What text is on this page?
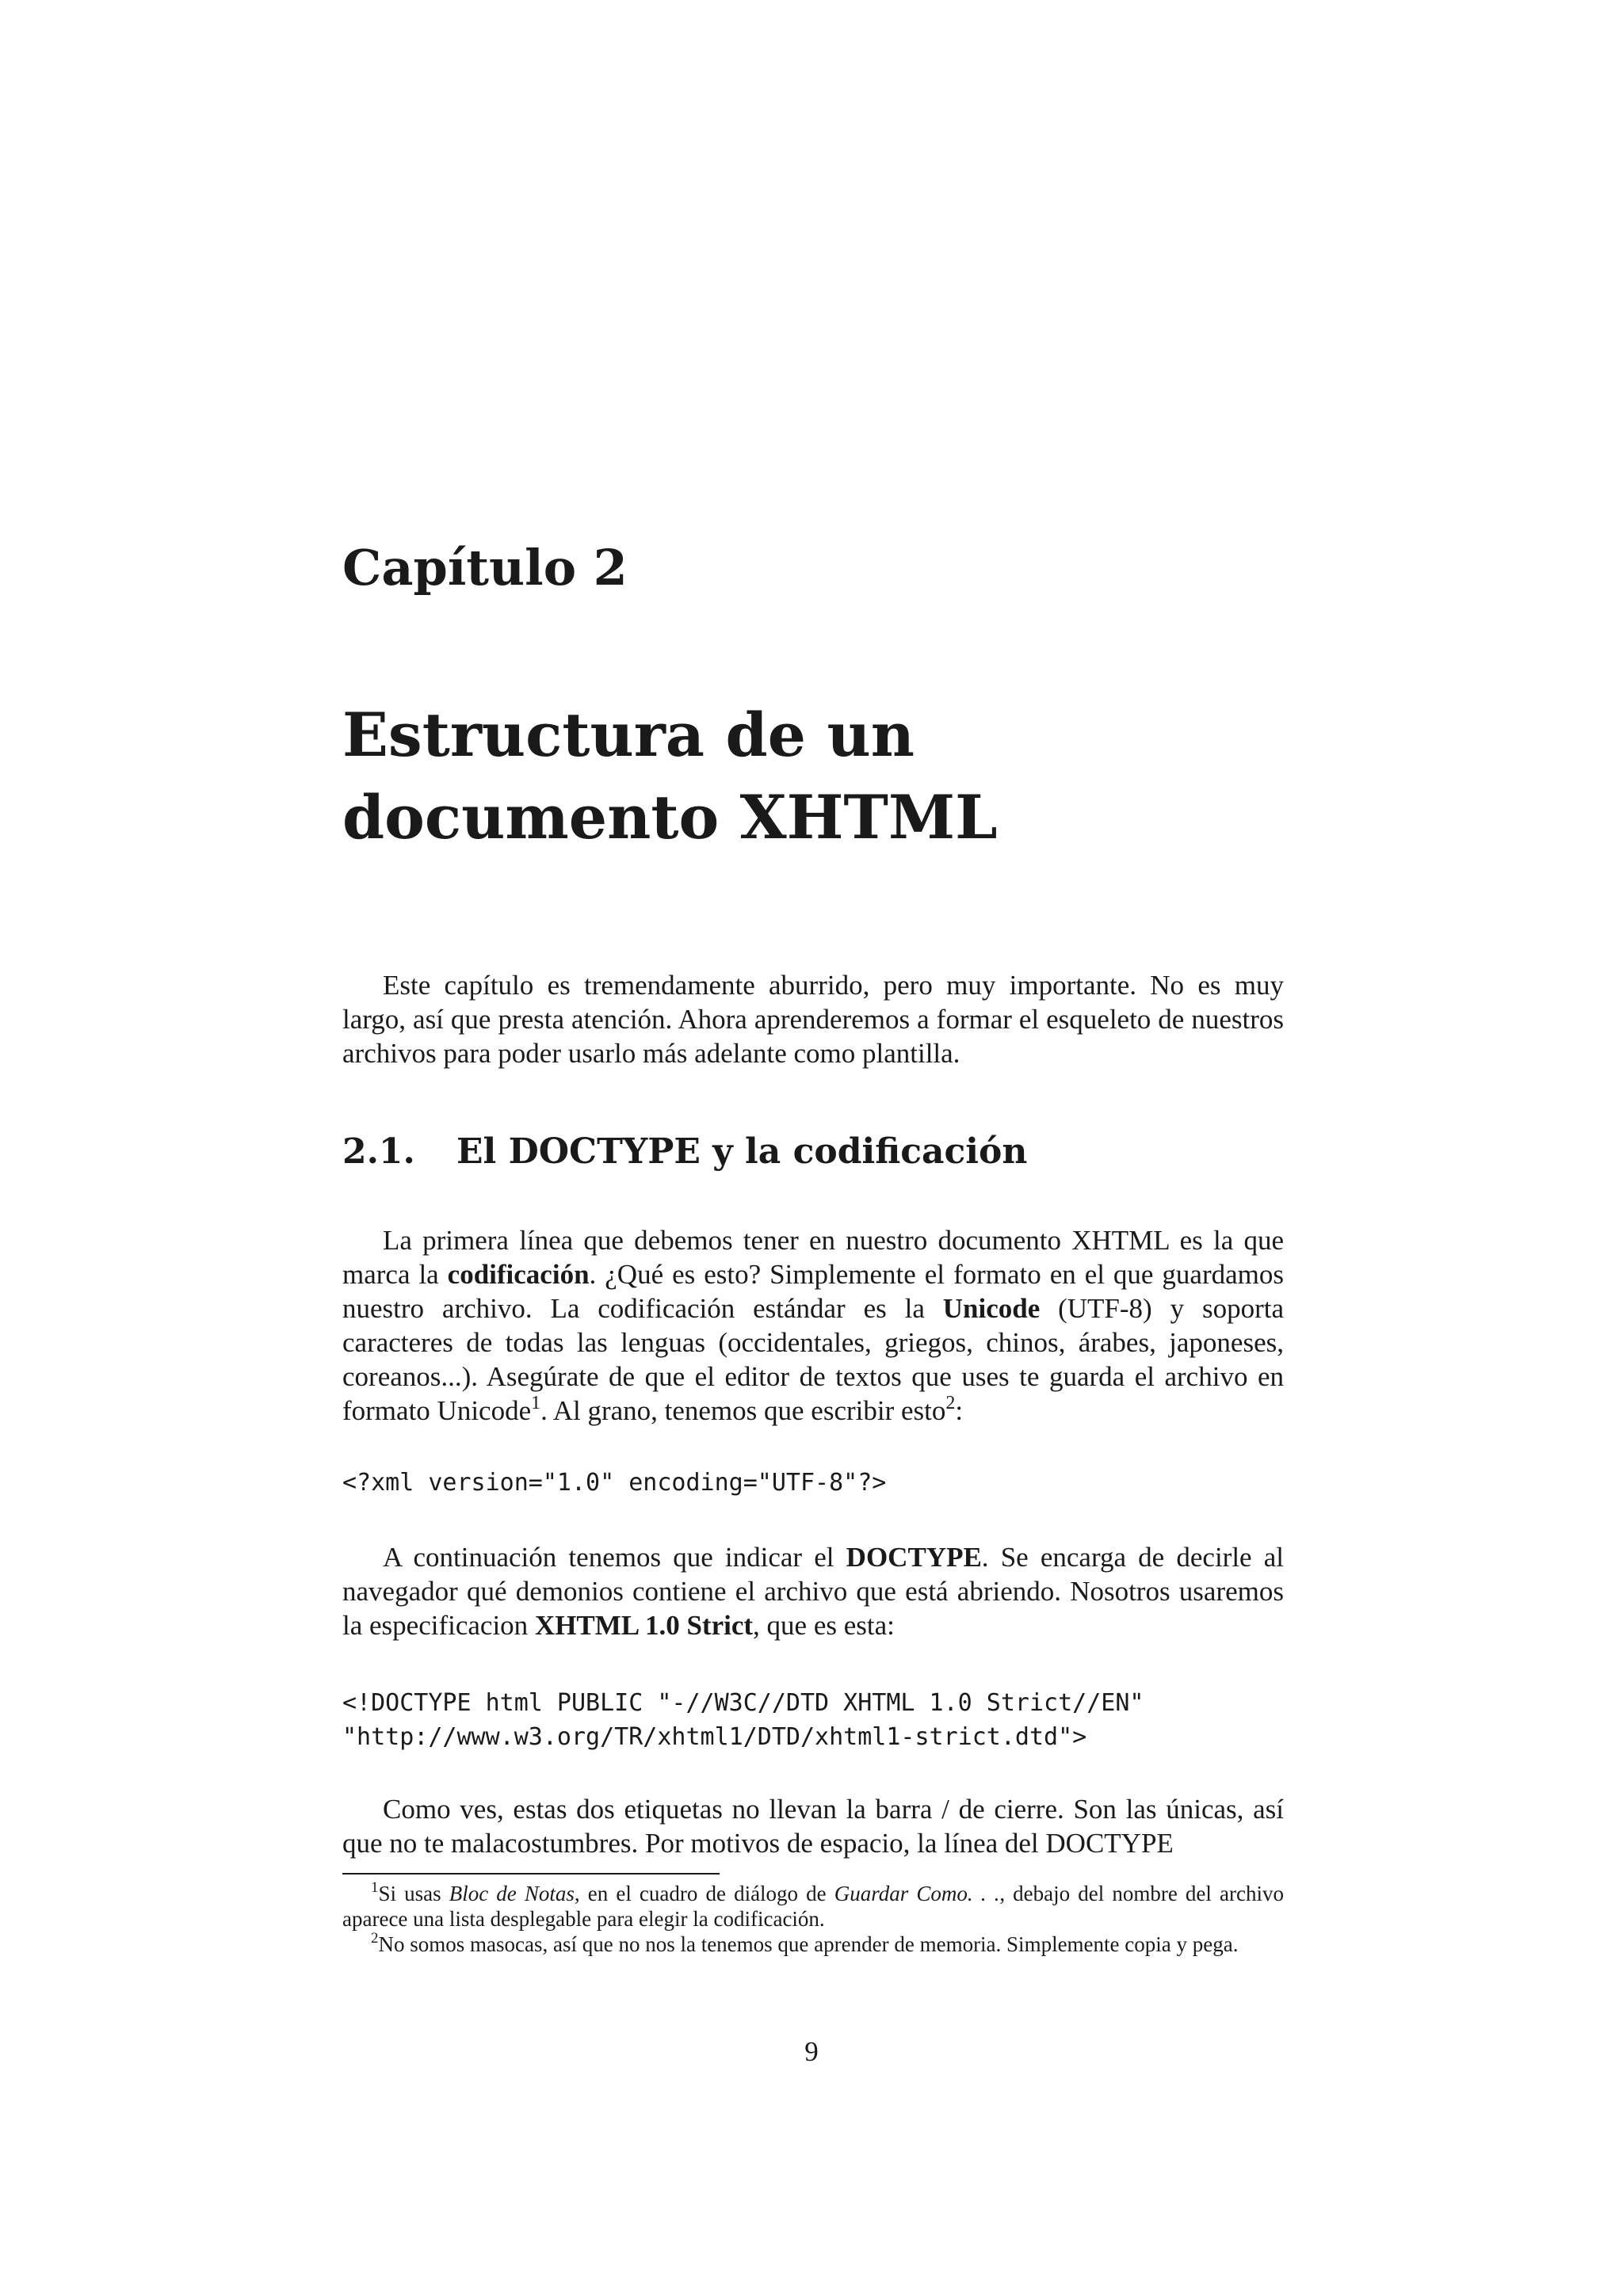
Capítulo 2
Estructura de un
documento XHTML

Este capítulo es tremendamente aburrido, pero muy importante. No es muy largo, así que presta atención. Ahora aprenderemos a formar el esqueleto de nuestros archivos para poder usarlo más adelante como plantilla.

2.1. El DOCTYPE y la codificación

La primera línea que debemos tener en nuestro documento XHTML es la que marca la codificación. ¿Qué es esto? Simplemente el formato en el que guardamos nuestro archivo. La codificación estándar es la Unicode (UTF-8) y soporta caracteres de todas las lenguas (occidentales, griegos, chinos, árabes, japoneses, coreanos...). Asegúrate de que el editor de textos que uses te guarda el archivo en formato Unicode$^1$. Al grano, tenemos que escribir esto$^2$:

<?xml version="1.0" encoding="UTF-8"?>

A continuación tenemos que indicar el DOCTYPE. Se encarga de decirle al navegador qué demonios contiene el archivo que está abriendo. Nosotros usaremos la especificacion XHTML 1.0 Strict, que es esta:

<!DOCTYPE html PUBLIC "-//W3C//DTD XHTML 1.0 Strict//EN"
"http://www.w3.org/TR/xhtml1/DTD/xhtml1-strict.dtd">

Como ves, estas dos etiquetas no llevan la barra / de cierre. Son las únicas, así que no te malacostumbres. Por motivos de espacio, la línea del DOCTYPE

$^1$Si usas Bloc de Notas, en el cuadro de diálogo de Guardar Como. . ., debajo del nombre del archivo aparece una lista desplegable para elegir la codificación.

$^2$No somos masocas, así que no nos la tenemos que aprender de memoria. Simplemente copia y pega.

9
